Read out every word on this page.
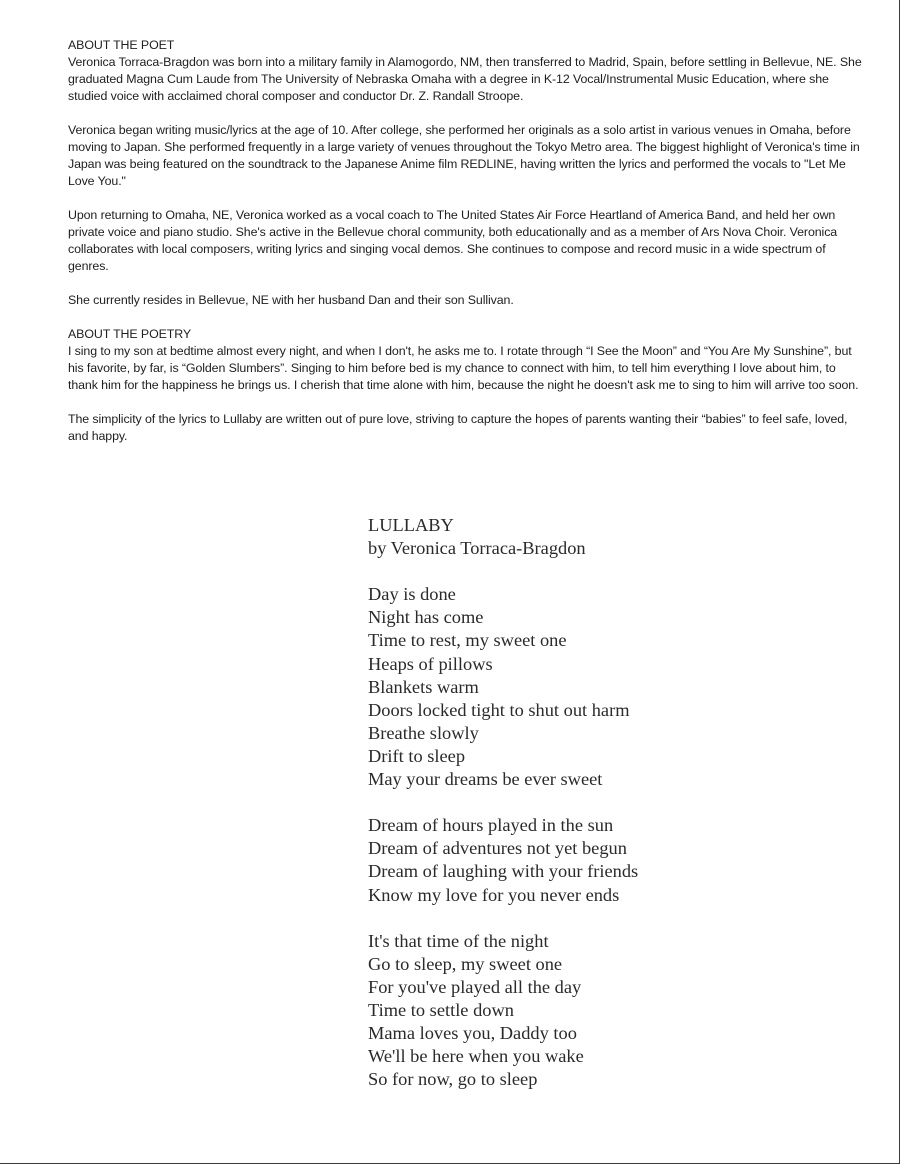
ABOUT THE POET

Veronica Torraca-Bragdon was born into a military family in Alamogordo, NM, then transferred to Madrid, Spain, before settling in Bellevue, NE. She graduated Magna Cum Laude from The University of Nebraska Omaha with a degree in K-12 Vocal/Instrumental Music Education, where she studied voice with acclaimed choral composer and conductor Dr. Z. Randall Stroope.

Veronica began writing music/lyrics at the age of 10. After college, she performed her originals as a solo artist in various venues in Omaha, before moving to Japan. She performed frequently in a large variety of venues throughout the Tokyo Metro area. The biggest highlight of Veronica's time in Japan was being featured on the soundtrack to the Japanese Anime film REDLINE, having written the lyrics and performed the vocals to "Let Me Love You."

Upon returning to Omaha, NE, Veronica worked as a vocal coach to The United States Air Force Heartland of America Band, and held her own private voice and piano studio. She's active in the Bellevue choral community, both educationally and as a member of Ars Nova Choir. Veronica collaborates with local composers, writing lyrics and singing vocal demos. She continues to compose and record music in a wide spectrum of genres.

She currently resides in Bellevue, NE with her husband Dan and their son Sullivan.

ABOUT THE POETRY

I sing to my son at bedtime almost every night, and when I don't, he asks me to. I rotate through “I See the Moon” and “You Are My Sunshine”, but his favorite, by far, is “Golden Slumbers”. Singing to him before bed is my chance to connect with him, to tell him everything I love about him, to thank him for the happiness he brings us. I cherish that time alone with him, because the night he doesn't ask me to sing to him will arrive too soon.

The simplicity of the lyrics to Lullaby are written out of pure love, striving to capture the hopes of parents wanting their “babies” to feel safe, loved, and happy.

LULLABY
by Veronica Torraca-Bragdon
Day is done
Night has come
Time to rest, my sweet one
Heaps of pillows
Blankets warm
Doors locked tight to shut out harm
Breathe slowly
Drift to sleep
May your dreams be ever sweet
Dream of hours played in the sun
Dream of adventures not yet begun
Dream of laughing with your friends
Know my love for you never ends
It's that time of the night
Go to sleep, my sweet one
For you've played all the day
Time to settle down
Mama loves you, Daddy too
We'll be here when you wake
So for now, go to sleep
